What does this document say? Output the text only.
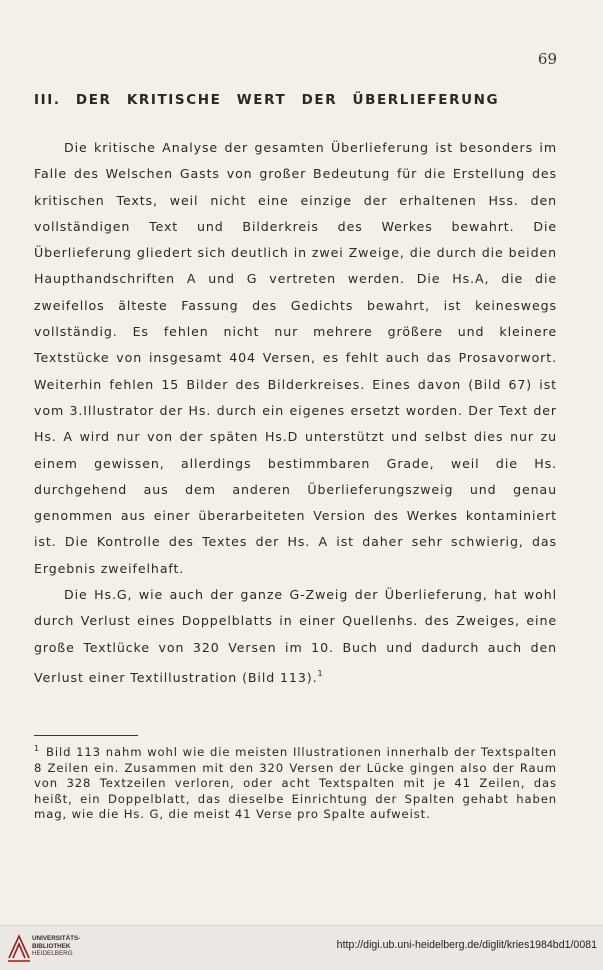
69
III. DER KRITISCHE WERT DER ÜBERLIEFERUNG

Die kritische Analyse der gesamten Überlieferung ist besonders im Falle des Welschen Gasts von großer Bedeutung für die Erstellung des kritischen Texts, weil nicht eine einzige der erhaltenen Hss. den vollständigen Text und Bilderkreis des Werkes bewahrt. Die Überlieferung gliedert sich deutlich in zwei Zweige, die durch die beiden Haupthandschriften A und G vertreten werden. Die Hs.A, die die zweifellos älteste Fassung des Gedichts bewahrt, ist keineswegs vollständig. Es fehlen nicht nur mehrere größere und kleinere Textstücke von insgesamt 404 Versen, es fehlt auch das Prosavorwort. Weiterhin fehlen 15 Bilder des Bilderkreises. Eines davon (Bild 67) ist vom 3.Illustrator der Hs. durch ein eigenes ersetzt worden. Der Text der Hs. A wird nur von der späten Hs.D unterstützt und selbst dies nur zu einem gewissen, allerdings bestimmbaren Grade, weil die Hs. durchgehend aus dem anderen Überlieferungszweig und genau genommen aus einer überarbeiteten Version des Werkes kontaminiert ist. Die Kontrolle des Textes der Hs. A ist daher sehr schwierig, das Ergebnis zweifelhaft.

Die Hs.G, wie auch der ganze G-Zweig der Überlieferung, hat wohl durch Verlust eines Doppelblatts in einer Quellenhs. des Zweiges, eine große Textlücke von 320 Versen im 10. Buch und dadurch auch den Verlust einer Textillustration (Bild 113).$^1$

$^1$ Bild 113 nahm wohl wie die meisten Illustrationen innerhalb der Textspalten 8 Zeilen ein. Zusammen mit den 320 Versen der Lücke gingen also der Raum von 328 Textzeilen verloren, oder acht Textspalten mit je 41 Zeilen, das heißt, ein Doppelblatt, das dieselbe Einrichtung der Spalten gehabt haben mag, wie die Hs. G, die meist 41 Verse pro Spalte aufweist.
UNIVERSITÄTS-
BIBLIOTHEK
HEIDELBERG
http://digi.ub.uni-heidelberg.de/diglit/kries1984bd1/0081
